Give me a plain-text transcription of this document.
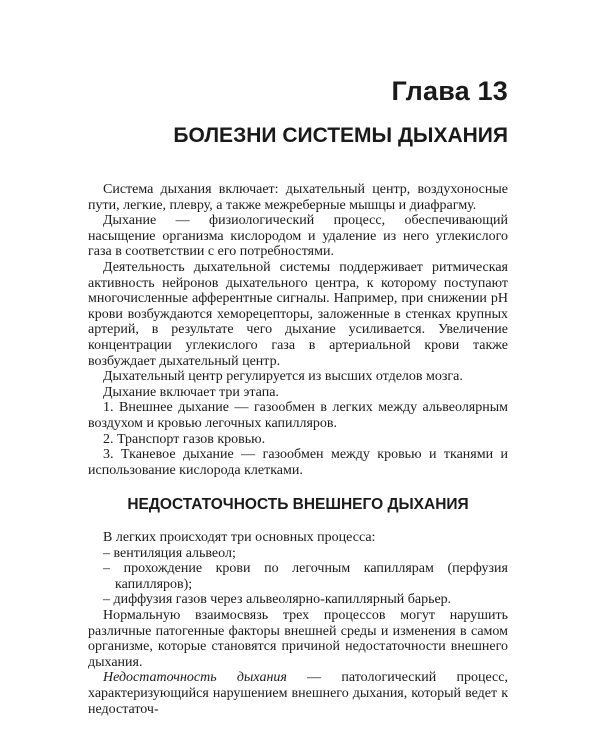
Глава 13
БОЛЕЗНИ СИСТЕМЫ ДЫХАНИЯ

Система дыхания включает: дыхательный центр, воздухоносные пути, легкие, плевру, а также межреберные мышцы и диафрагму.

Дыхание — физиологический процесс, обеспечивающий насыщение организма кислородом и удаление из него углекислого газа в соответствии с его потребностями.

Деятельность дыхательной системы поддерживает ритмическая активность нейронов дыхательного центра, к которому поступают многочисленные афферентные сигналы. Например, при снижении pH крови возбуждаются хеморецепторы, заложенные в стенках крупных артерий, в результате чего дыхание усиливается. Увеличение концентрации углекислого газа в артериальной крови также возбуждает дыхательный центр.

Дыхательный центр регулируется из высших отделов мозга.

Дыхание включает три этапа.

1. Внешнее дыхание — газообмен в легких между альвеолярным воздухом и кровью легочных капилляров.

2. Транспорт газов кровью.

3. Тканевое дыхание — газообмен между кровью и тканями и использование кислорода клетками.

НЕДОСТАТОЧНОСТЬ ВНЕШНЕГО ДЫХАНИЯ

В легких происходят три основных процесса:

– вентиляция альвеол;
– прохождение крови по легочным капиллярам (перфузия капилляров);
– диффузия газов через альвеолярно-капиллярный барьер.

Нормальную взаимосвязь трех процессов могут нарушить различные патогенные факторы внешней среды и изменения в самом организме, которые становятся причиной недостаточности внешнего дыхания.

Недостаточность дыхания — патологический процесс, характеризующийся нарушением внешнего дыхания, который ведет к недостаточ-
